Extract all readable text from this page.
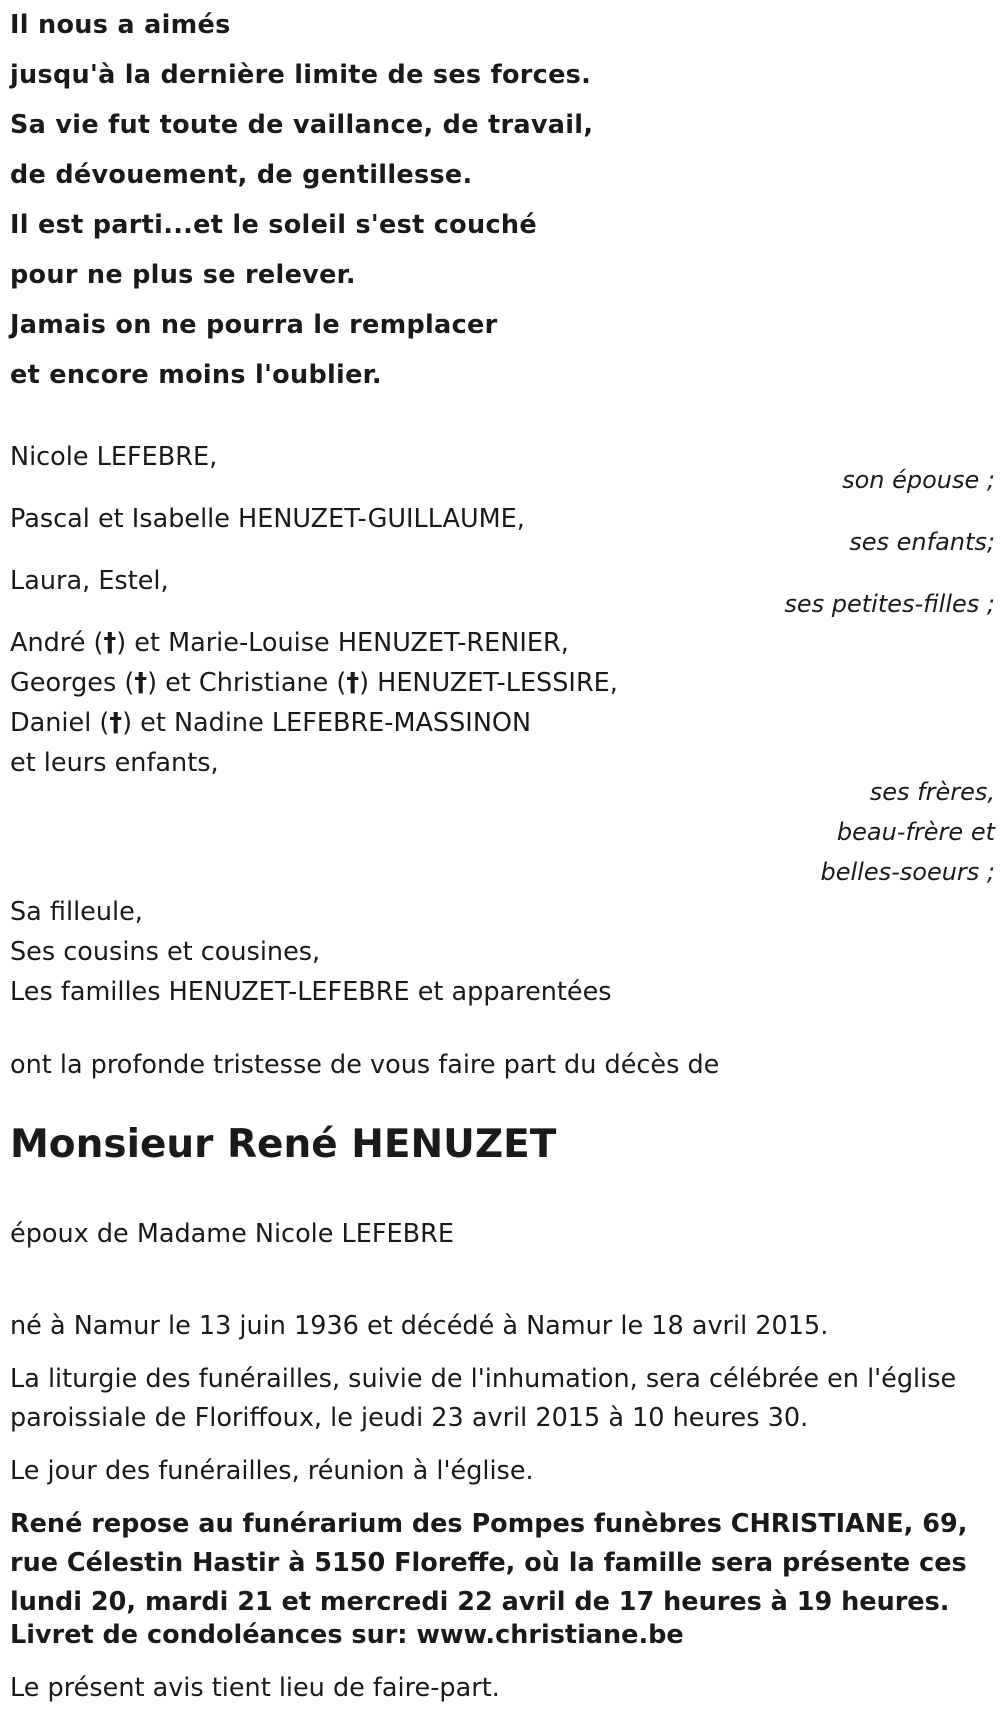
Il nous a aimés
jusqu'à la dernière limite de ses forces.
Sa vie fut toute de vaillance, de travail,
de dévouement, de gentillesse.
Il est parti...et le soleil s'est couché
pour ne plus se relever.
Jamais on ne pourra le remplacer
et encore moins l'oublier.
Nicole LEFEBRE,
son épouse ;
Pascal et Isabelle HENUZET-GUILLAUME,
ses enfants;
Laura, Estel,
ses petites-filles ;
André (†) et Marie-Louise HENUZET-RENIER,
Georges (†) et Christiane (†) HENUZET-LESSIRE,
Daniel (†) et Nadine LEFEBRE-MASSINON
et leurs enfants,
ses frères,
beau-frère et
belles-soeurs ;
Sa filleule,
Ses cousins et cousines,
Les familles HENUZET-LEFEBRE et apparentées
ont la profonde tristesse de vous faire part du décès de
Monsieur René HENUZET
époux de Madame Nicole LEFEBRE
né à Namur le 13 juin 1936 et décédé à Namur le 18 avril 2015.
La liturgie des funérailles, suivie de l'inhumation, sera célébrée en l'église paroissiale de Floriffoux, le jeudi 23 avril 2015 à 10 heures 30.
Le jour des funérailles, réunion à l'église.
René repose au funérarium des Pompes funèbres CHRISTIANE, 69, rue Célestin Hastir à 5150 Floreffe, où la famille sera présente ces lundi 20, mardi 21 et mercredi 22 avril de 17 heures à 19 heures.
Livret de condoléances sur: www.christiane.be
Le présent avis tient lieu de faire-part.
